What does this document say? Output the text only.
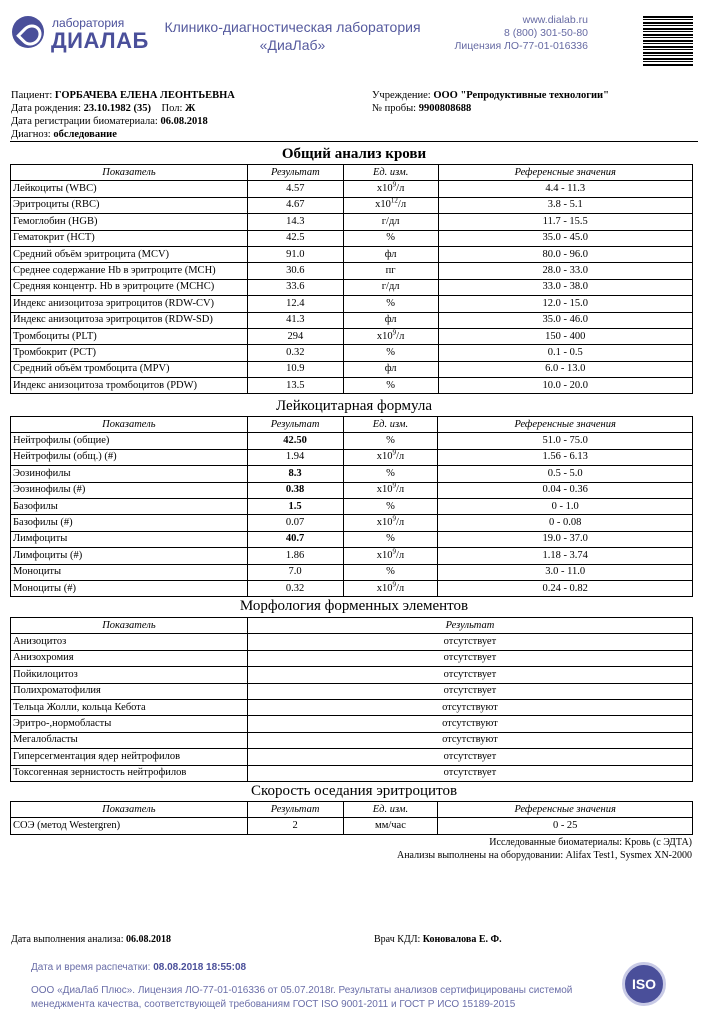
лаборатория
ДИАЛАБ
Клинико-диагностическая лаборатория
«ДиаЛаб»
www.dialab.ru
8 (800) 301-50-80
Лицензия ЛО-77-01-016336
Пациент: ГОРБАЧЕВА ЕЛЕНА ЛЕОНТЬЕВНА
Дата рождения: 23.10.1982 (35) Пол: Ж
Дата регистрации биоматериала: 06.08.2018
Диагноз: обследование
Учреждение: ООО "Репродуктивные технологии"
№ пробы: 9900808688
Общий анализ крови
Показатель	Результат	Ед. изм.	Референсные значения
Лейкоциты (WBC)	4.57	$x10^9/л$	4.4 - 11.3
Эритроциты (RBC)	4.67	$x10^{12}/л$	3.8 - 5.1
Гемоглобин (HGB)	14.3	г/дл	11.7 - 15.5
Гематокрит (HCT)	42.5	%	35.0 - 45.0
Средний объём эритроцита (MCV)	91.0	фл	80.0 - 96.0
Среднее содержание Hb в эритроците (MCH)	30.6	пг	28.0 - 33.0
Средняя концентр. Hb в эритроците (MCHC)	33.6	г/дл	33.0 - 38.0
Индекс анизоцитоза эритроцитов (RDW-CV)	12.4	%	12.0 - 15.0
Индекс анизоцитоза эритроцитов (RDW-SD)	41.3	фл	35.0 - 46.0
Тромбоциты (PLT)	294	$x10^9/л$	150 - 400
Тромбокрит (PCT)	0.32	%	0.1 - 0.5
Средний объём тромбоцита (MPV)	10.9	фл	6.0 - 13.0
Индекс анизоцитоза тромбоцитов (PDW)	13.5	%	10.0 - 20.0
Лейкоцитарная формула
Показатель	Результат	Ед. изм.	Референсные значения
Нейтрофилы (общие)	42.50	%	51.0 - 75.0
Нейтрофилы (общ.) (#)	1.94	$x10^9/л$	1.56 - 6.13
Эозинофилы	8.3	%	0.5 - 5.0
Эозинофилы (#)	0.38	$x10^9/л$	0.04 - 0.36
Базофилы	1.5	%	0 - 1.0
Базофилы (#)	0.07	$x10^9/л$	0 - 0.08
Лимфоциты	40.7	%	19.0 - 37.0
Лимфоциты (#)	1.86	$x10^9/л$	1.18 - 3.74
Моноциты	7.0	%	3.0 - 11.0
Моноциты (#)	0.32	$x10^9/л$	0.24 - 0.82
Морфология форменных элементов
Показатель	Результат
Анизоцитоз	отсутствует
Анизохромия	отсутствует
Пойкилоцитоз	отсутствует
Полихроматофилия	отсутствует
Тельца Жолли, кольца Кебота	отсутствуют
Эритро-,нормобласты	отсутствуют
Мегалобласты	отсутствуют
Гиперсегментация ядер нейтрофилов	отсутствует
Токсогенная зернистость нейтрофилов	отсутствует
Скорость оседания эритроцитов
Показатель	Результат	Ед. изм.	Референсные значения
СОЭ (метод Westergren)	2	мм/час	0 - 25
Исследованные биоматериалы: Кровь (с ЭДТА)
Анализы выполнены на оборудовании: Alifax Test1, Sysmex XN-2000
Дата выполнения анализа: 06.08.2018	Врач КДЛ: Коновалова Е. Ф.
Дата и время распечатки: 08.08.2018 18:55:08
ООО «ДиаЛаб Плюс». Лицензия ЛО-77-01-016336 от 05.07.2018г. Результаты анализов сертифицированы системой менеджмента качества, соответствующей требованиям ГОСТ ISO 9001-2011 и ГОСТ Р ИСО 15189-2015
ISO
